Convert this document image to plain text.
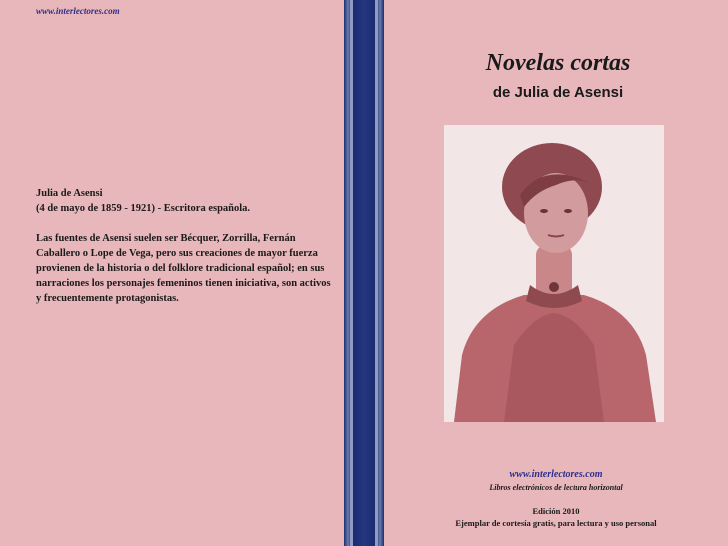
www.interlectores.com
Julia de Asensi
(4 de mayo de 1859 - 1921) - Escritora española.

Las fuentes de Asensi suelen ser Bécquer, Zorrilla, Fernán Caballero o Lope de Vega, pero sus creaciones de mayor fuerza provienen de la historia o del folklore tradicional español; en sus narraciones los personajes femeninos tienen iniciativa, son activos y frecuentemente protagonistas.
Novelas cortas
de Julia de Asensi
www.interlectores.com
Libros electrónicos de lectura horizontal
Edición 2010
Ejemplar de cortesía gratis, para lectura y uso personal
